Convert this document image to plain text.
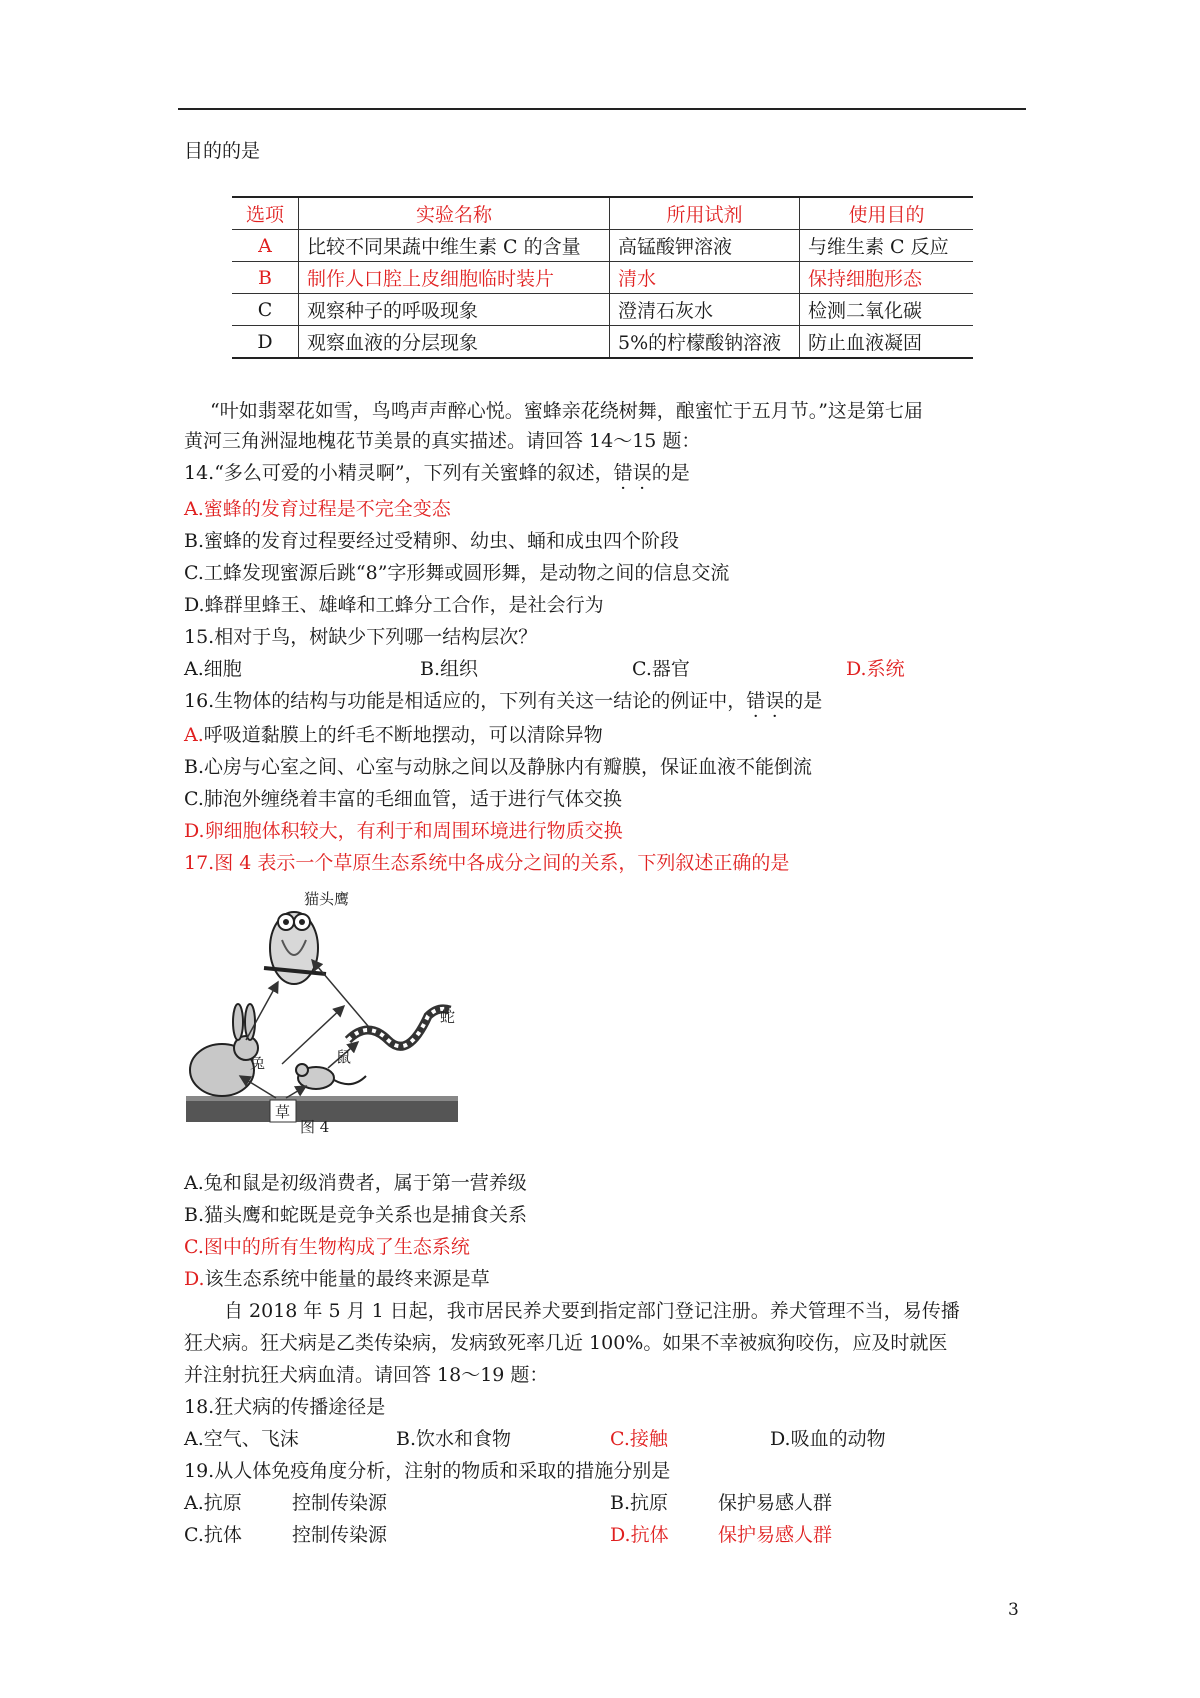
目的的是
选项	实验名称	所用试剂	使用目的
A	比较不同果蔬中维生素 C 的含量	高锰酸钾溶液	与维生素 C 反应
B	制作人口腔上皮细胞临时装片	清水	保持细胞形态
C	观察种子的呼吸现象	澄清石灰水	检测二氧化碳
D	观察血液的分层现象	5%的柠檬酸钠溶液	防止血液凝固
“叶如翡翠花如雪，鸟鸣声声醉心悦。蜜蜂亲花绕树舞，酿蜜忙于五月节。”这是第七届
黄河三角洲湿地槐花节美景的真实描述。请回答 14～15 题：
14.“多么可爱的小精灵啊”，下列有关蜜蜂的叙述，错误的是
A.蜜蜂的发育过程是不完全变态
B.蜜蜂的发育过程要经过受精卵、幼虫、蛹和成虫四个阶段
C.工蜂发现蜜源后跳“8”字形舞或圆形舞，是动物之间的信息交流
D.蜂群里蜂王、雄峰和工蜂分工合作，是社会行为
15.相对于鸟，树缺少下列哪一结构层次？
A.细胞	B.组织	C.器官	D.系统
16.生物体的结构与功能是相适应的，下列有关这一结论的例证中，错误的是
A.呼吸道黏膜上的纤毛不断地摆动，可以清除异物
B.心房与心室之间、心室与动脉之间以及静脉内有瓣膜，保证血液不能倒流
C.肺泡外缠绕着丰富的毛细血管，适于进行气体交换
D.卵细胞体积较大，有利于和周围环境进行物质交换
17.图 4 表示一个草原生态系统中各成分之间的关系，下列叙述正确的是
猫头鹰
蛇
兔	鼠
草
图 4
A.兔和鼠是初级消费者，属于第一营养级
B.猫头鹰和蛇既是竞争关系也是捕食关系
C.图中的所有生物构成了生态系统
D.该生态系统中能量的最终来源是草
自 2018 年 5 月 1 日起，我市居民养犬要到指定部门登记注册。养犬管理不当，易传播
狂犬病。狂犬病是乙类传染病，发病致死率几近 100%。如果不幸被疯狗咬伤，应及时就医
并注射抗狂犬病血清。请回答 18～19 题：
18.狂犬病的传播途径是
A.空气、飞沫	B.饮水和食物	C.接触	D.吸血的动物
19.从人体免疫角度分析，注射的物质和采取的措施分别是
A.抗原	控制传染源	B.抗原	保护易感人群
C.抗体	控制传染源	D.抗体	保护易感人群
3
